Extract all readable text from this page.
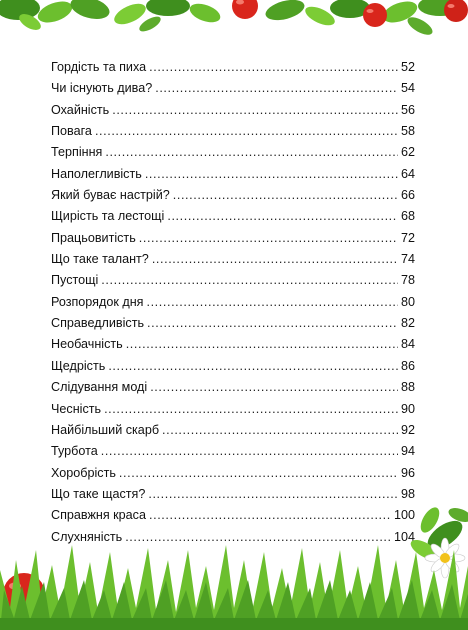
Гордість та пиха .....	52
Чи існують дива? .....	54
Охайність .....	56
Повага .....	58
Терпіння .....	62
Наполегливість .....	64
Який буває настрій? .....	66
Щирість та лестощі .....	68
Працьовитість .....	72
Що таке талант? .....	74
Пустощі .....	78
Розпорядок дня .....	80
Справедливість .....	82
Необачність .....	84
Щедрість .....	86
Слідування моді .....	88
Чесність .....	90
Найбільший скарб .....	92
Турбота .....	94
Хоробрість .....	96
Що таке щастя? .....	98
Справжня краса .....	100
Слухняність .....	104
